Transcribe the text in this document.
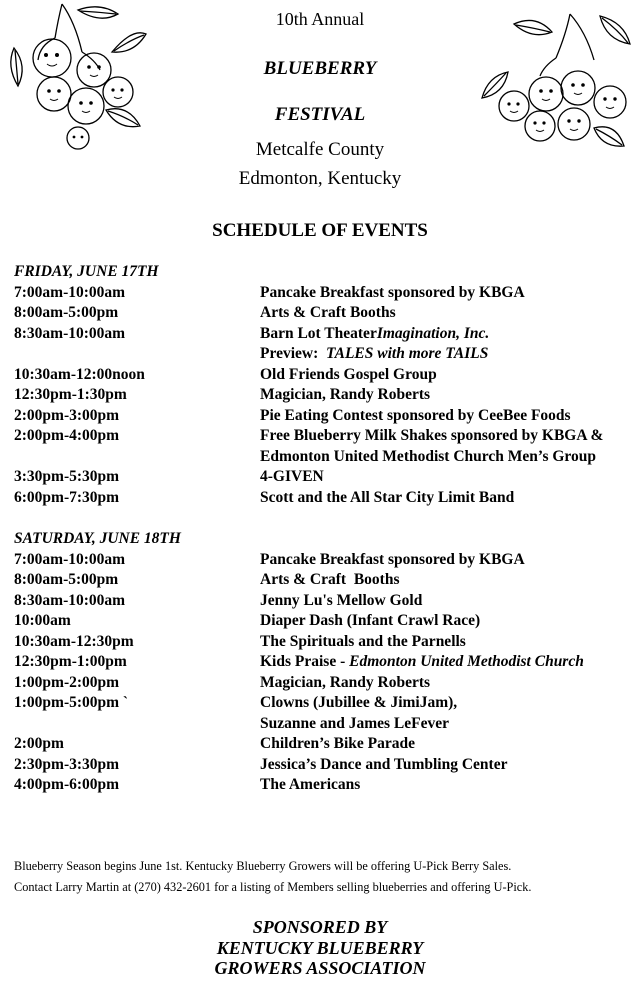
10th Annual
BLUEBERRY
FESTIVAL
Metcalfe County
Edmonton, Kentucky
SCHEDULE OF EVENTS
FRIDAY, JUNE 17TH
7:00am-10:00am	Pancake Breakfast sponsored by KBGA
8:00am-5:00pm	Arts & Craft Booths
8:30am-10:00am	Barn Lot TheaterImagination, Inc.
Preview:  TALES with more TAILS
10:30am-12:00noon	Old Friends Gospel Group
12:30pm-1:30pm	Magician, Randy Roberts
2:00pm-3:00pm	Pie Eating Contest sponsored by CeeBee Foods
2:00pm-4:00pm	Free Blueberry Milk Shakes sponsored by KBGA &
Edmonton United Methodist Church Men’s Group
3:30pm-5:30pm	4-GIVEN
6:00pm-7:30pm	Scott and the All Star City Limit Band
SATURDAY, JUNE 18TH
7:00am-10:00am	Pancake Breakfast sponsored by KBGA
8:00am-5:00pm	Arts & Craft  Booths
8:30am-10:00am	Jenny Lu's Mellow Gold
10:00am	Diaper Dash (Infant Crawl Race)
10:30am-12:30pm	The Spirituals and the Parnells
12:30pm-1:00pm	Kids Praise - Edmonton United Methodist Church
1:00pm-2:00pm	Magician, Randy Roberts
1:00pm-5:00pm `	Clowns (Jubillee & JimiJam),
Suzanne and James LeFever
2:00pm	Children’s Bike Parade
2:30pm-3:30pm	Jessica’s Dance and Tumbling Center
4:00pm-6:00pm	The Americans
Blueberry Season begins June 1st. Kentucky Blueberry Growers will be offering U-Pick Berry Sales.
Contact Larry Martin at (270) 432-2601 for a listing of Members selling blueberries and offering U-Pick.
SPONSORED BY
KENTUCKY BLUEBERRY
GROWERS ASSOCIATION
